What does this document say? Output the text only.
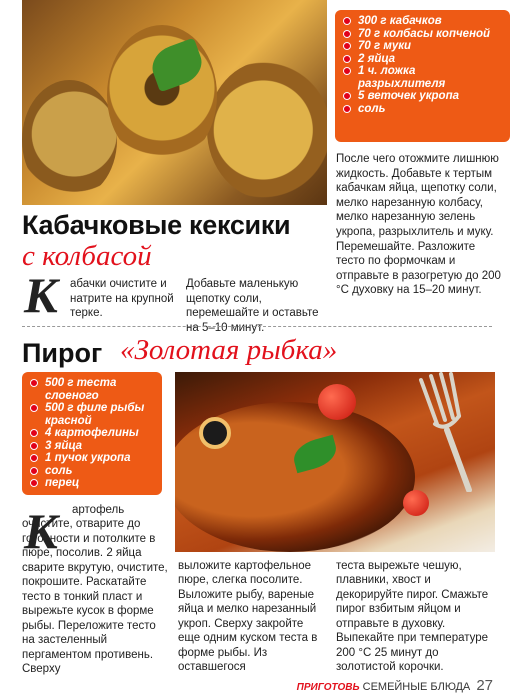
300 г кабачков
70 г колбасы копченой
70 г муки
2 яйца
1 ч. ложка разрыхлителя
5 веточек укропа
соль
Кабачковые кексики
с колбасой
К абачки очистите и натрите на крупной терке.
Добавьте маленькую щепотку соли, перемешайте и оставьте на 5–10 минут.
После чего отожмите лишнюю жидкость. Добавьте к тертым кабачкам яйца, щепотку соли, мелко нарезанную колбасу, мелко нарезанную зелень укропа, разрыхлитель и муку. Перемешайте. Разложите тесто по формочкам и отправьте в разогретую до 200 °С духовку на 15–20 минут.
Пирог «Золотая рыбка»
500 г теста слоеного
500 г филе рыбы красной
4 картофелины
3 яйца
1 пучок укропа
соль
перец
К	артофель очистите, отварите до готовности и потолките в пюре, посолив. 2 яйца сварите вкрутую, очистите, покрошите. Раскатайте тесто в тонкий пласт и вырежьте кусок в форме рыбы. Переложите тесто на застеленный пергаментом противень. Сверху
выложите картофельное пюре, слегка посолите. Выложите рыбу, вареные яйца и мелко нарезанный укроп. Сверху закройте еще одним куском теста в форме рыбы. Из оставшегося
теста вырежьте чешую, плавники, хвост и декорируйте пирог. Смажьте пирог взбитым яйцом и отправьте в духовку. Выпекайте при температуре 200 °С 25 минут до золотистой корочки.
ПРИГОТОВЬ СЕМЕЙНЫЕ БЛЮДА 27
